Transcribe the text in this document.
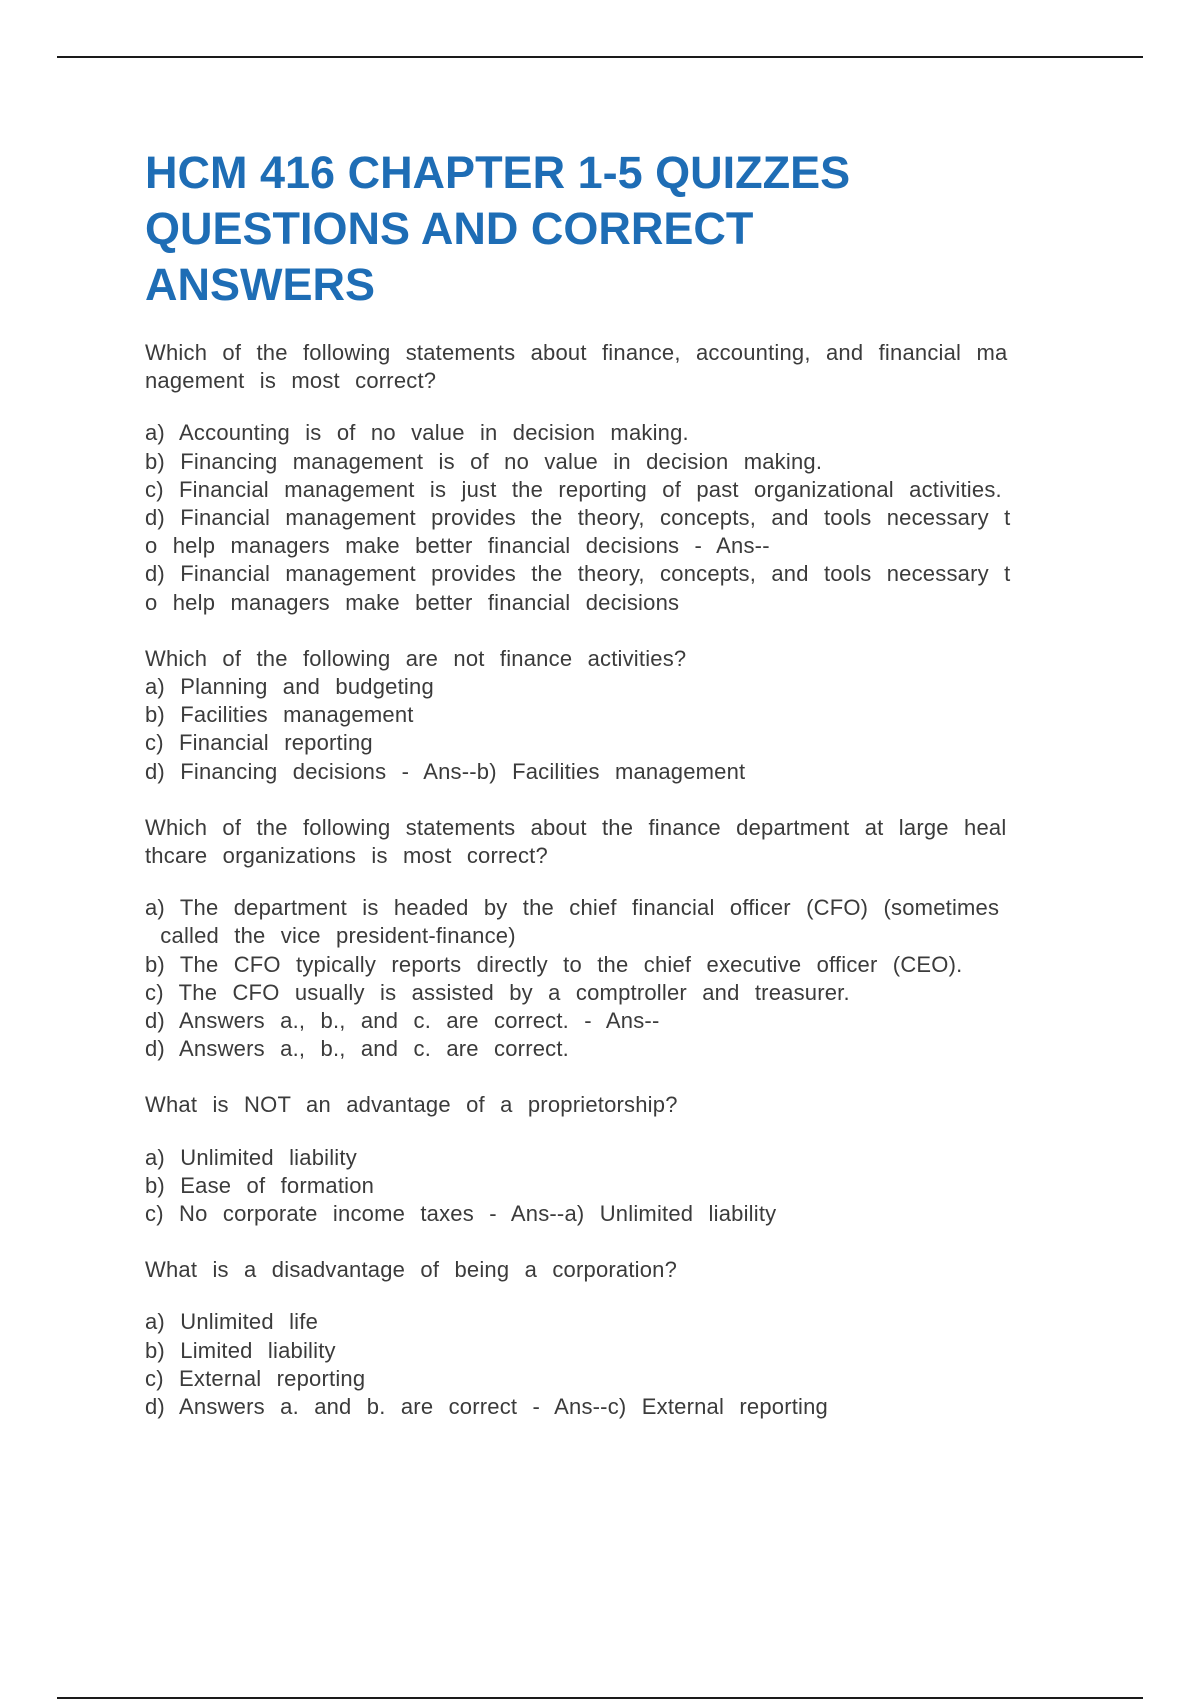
HCM 416 CHAPTER 1-5 QUIZZES
QUESTIONS AND CORRECT
ANSWERS

Which of the following statements about finance, accounting, and financial ma

nagement is most correct?

a) Accounting is of no value in decision making.

b) Financing management is of no value in decision making.

c) Financial management is just the reporting of past organizational activities.

d) Financial management provides the theory, concepts, and tools necessary t

o help managers make better financial decisions - Ans--

d) Financial management provides the theory, concepts, and tools necessary t

o help managers make better financial decisions

Which of the following are not finance activities?

a) Planning and budgeting

b) Facilities management

c) Financial reporting

d) Financing decisions - Ans--b) Facilities management

Which of the following statements about the finance department at large heal

thcare organizations is most correct?

a) The department is headed by the chief financial officer (CFO) (sometimes

called the vice president-finance)

b) The CFO typically reports directly to the chief executive officer (CEO).

c) The CFO usually is assisted by a comptroller and treasurer.

d) Answers a., b., and c. are correct. - Ans--

d) Answers a., b., and c. are correct.

What is NOT an advantage of a proprietorship?

a) Unlimited liability

b) Ease of formation

c) No corporate income taxes - Ans--a) Unlimited liability

What is a disadvantage of being a corporation?

a) Unlimited life

b) Limited liability

c) External reporting

d) Answers a. and b. are correct - Ans--c) External reporting
